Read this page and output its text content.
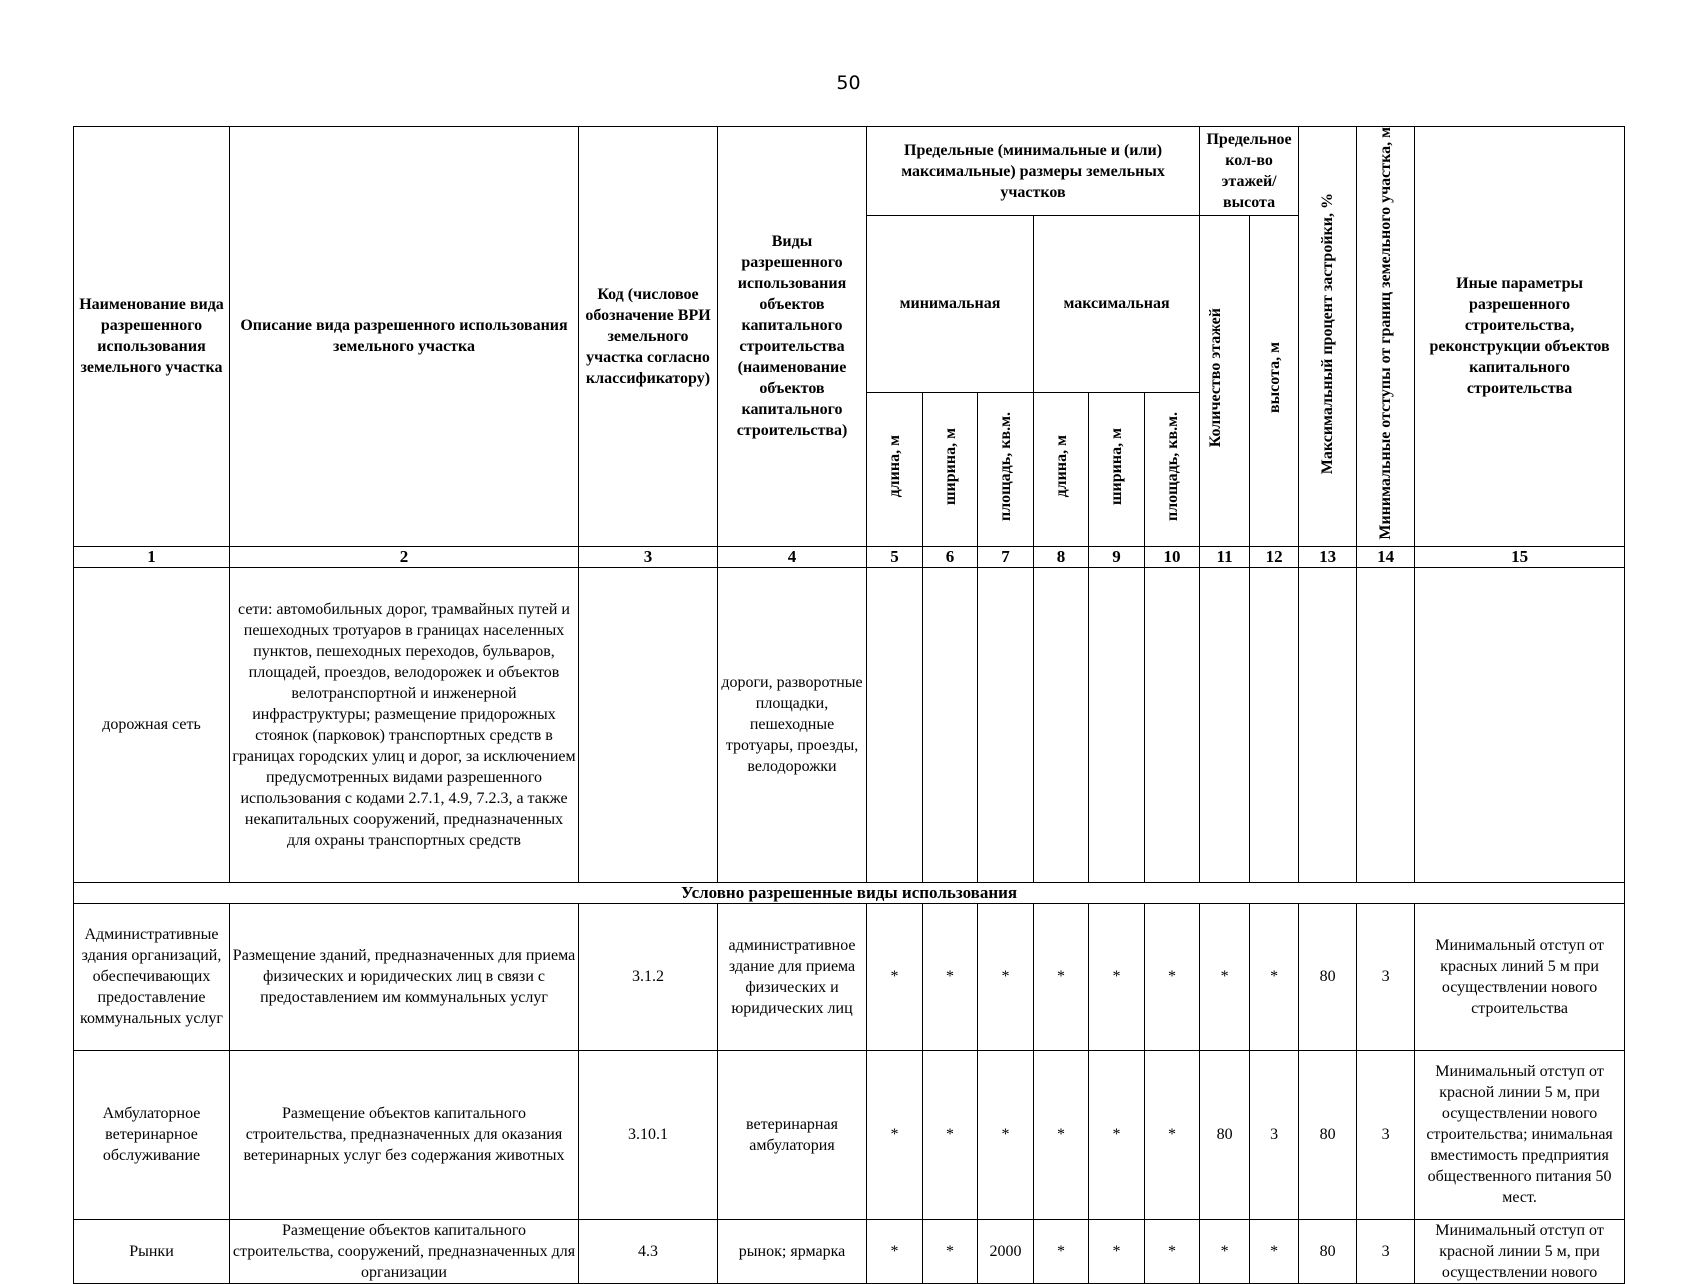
50
Наименование вида разрешенного использования земельного участка	Описание вида разрешенного использования земельного участка	Код (числовое обозначение ВРИ земельного участка согласно классификатору)	Виды разрешенного использования объектов капитального строительства (наименование объектов капитального строительства)	Предельные (минимальные и (или) максимальные) размеры земельных участков						Предельное кол-во этажей/ высота		Максимальный процент застройки, %	Минимальные отступы от границ земельного участка, м	Иные параметры разрешенного строительства, реконструкции объектов капитального строительства
				минимальная			максимальная			Количество этажей	высота, м			
				длина, м	ширина, м	площадь, кв.м.	длина, м	ширина, м	площадь, кв.м.					
1	2	3	4	5	6	7	8	9	10	11	12	13	14	15
дорожная сеть	сети: автомобильных дорог, трамвайных путей и пешеходных тротуаров в границах населенных пунктов, пешеходных переходов, бульваров, площадей, проездов, велодорожек и объектов велотранспортной и инженерной инфраструктуры; размещение придорожных стоянок (парковок) транспортных средств в границах городских улиц и дорог, за исключением предусмотренных видами разрешенного использования с кодами 2.7.1, 4.9, 7.2.3, а также некапитальных сооружений, предназначенных для охраны транспортных средств		дороги, разворотные площадки, пешеходные тротуары, проезды, велодорожки											
Условно разрешенные виды использования														
Административные здания организаций, обеспечивающих предоставление коммунальных услуг	Размещение зданий, предназначенных для приема физических и юридических лиц в связи с предоставлением им коммунальных услуг	3.1.2	административное здание для приема физических и юридических лиц	*	*	*	*	*	*	*	*	80	3	Минимальный отступ от красных линий 5 м при осуществлении нового строительства
Амбулаторное ветеринарное обслуживание	Размещение объектов капитального строительства, предназначенных для оказания ветеринарных услуг без содержания животных	3.10.1	ветеринарная амбулатория	*	*	*	*	*	*	80	3	80	3	Минимальный отступ от красной линии 5 м, при осуществлении нового строительства; инимальная вместимость предприятия общественного питания 50 мест.
Рынки	Размещение объектов капитального строительства, сооружений, предназначенных для организации	4.3	рынок; ярмарка	*	*	2000	*	*	*	*	*	80	3	Минимальный отступ от красной линии 5 м, при осуществлении нового
